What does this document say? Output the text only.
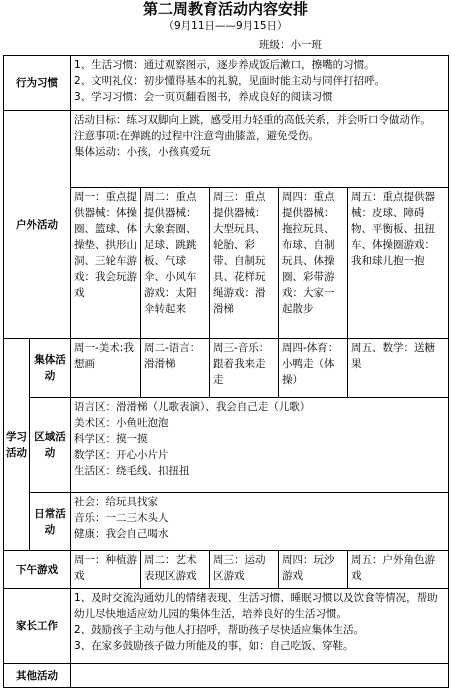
第二周教育活动内容安排
（9月11日——9月15日）
班级：小一班
行为习惯		1、生活习惯：通过观察图示，逐步养成饭后漱口，擦嘴的习惯。
2、文明礼仪：初步懂得基本的礼貌，见面时能主动与同伴打招呼。
3、学习习惯：会一页页翻看图书，养成良好的阅读习惯				

户外活动		活动目标：练习双脚向上跳，感受用力轻重的高低关系，并会听口令做动作。
注意事项:在弹跳的过程中注意弯曲膝盖，避免受伤。
集体运动：小孩，小孩真爱玩				

		周一：重点提供器械：体操圈、篮球、体操垫、拱形山洞、三轮车游戏：我会玩游戏	周二：重点提供器械：大象套圈、足球、跳跳板、气球伞、小风车游戏：太阳伞转起来	周三：重点提供器械：大型玩具、轮胎、彩带、自制玩具、花样玩绳游戏：滑滑梯	周四：重点提供器械：拖拉玩具、布球、自制玩具、体操圈、彩带游戏：大家一起散步	周五：重点提供器械：皮球、障碍物、平衡板、扭扭车、体操圈游戏：我和球儿抱一抱
学习活动	集体活动	周一-美术:我想画	周二-语言：滑滑梯	周三-音乐：跟着我来走走	周四-体育：小鸭走（体操）	周五、数学：送糖果
	区域活动	语言区：滑滑梯（儿歌表演）、我会自己走（儿歌）
美术区：小鱼吐泡泡
科学区：摸一摸
数学区：开心小片片
生活区：绕毛线、扣扭扭				

	日常活动	社会：给玩具找家
音乐：一二三木头人
健康：我会自己喝水				

下午游戏		周一：种植游戏	周二：艺术表现区游戏	周三：运动区游戏	周四：玩沙游戏	周五：户外角色游戏
家长工作		1、及时交流沟通幼儿的情绪表现、生活习惯、睡眠习惯以及饮食等情况，帮助幼儿尽快地适应幼儿园的集体生活，培养良好的生活习惯。
2、鼓励孩子主动与他人打招呼，帮助孩子尽快适应集体生活。
3、在家多鼓励孩子做力所能及的事，如：自己吃饭、穿鞋。				

其他活动						
